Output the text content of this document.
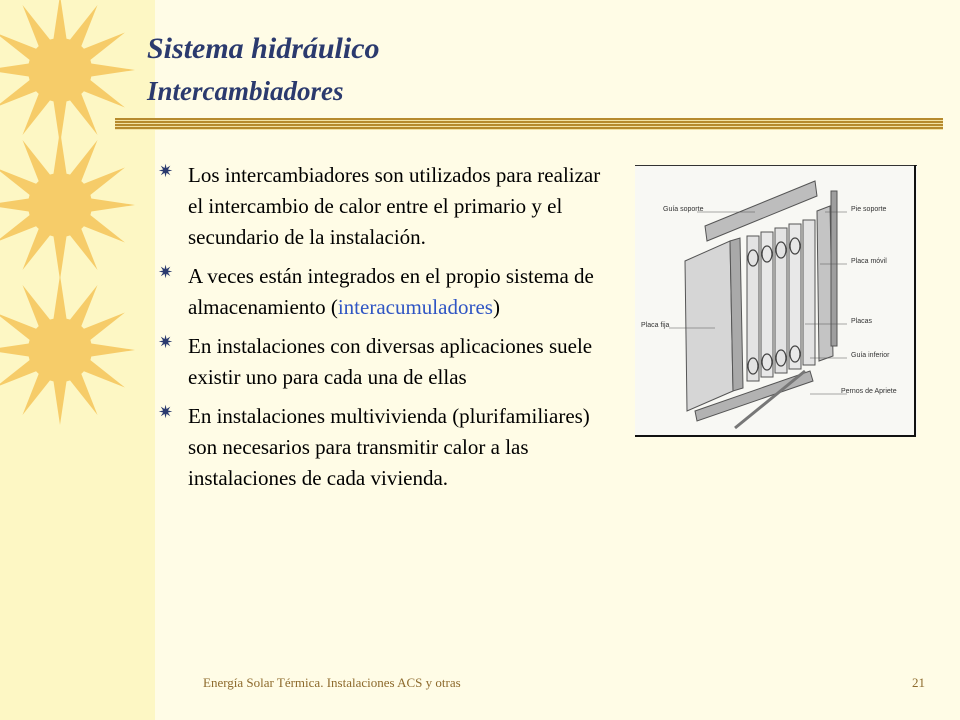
Sistema hidráulico
Intercambiadores
✷ Los intercambiadores son utilizados para realizar el intercambio de calor entre el primario y el secundario de la instalación.
✷ A veces están integrados en el propio sistema de almacenamiento (interacumuladores)
✷ En instalaciones con diversas aplicaciones suele existir uno para cada una de ellas
✷ En instalaciones multivivienda (plurifamiliares) son necesarios para transmitir calor a las instalaciones de cada vivienda.
Guía soporte	Pie soporte
Placa móvil
Placa fija
Placas
Guía inferior
Pernos de Apriete
Energía Solar Térmica. Instalaciones ACS y otras	21
